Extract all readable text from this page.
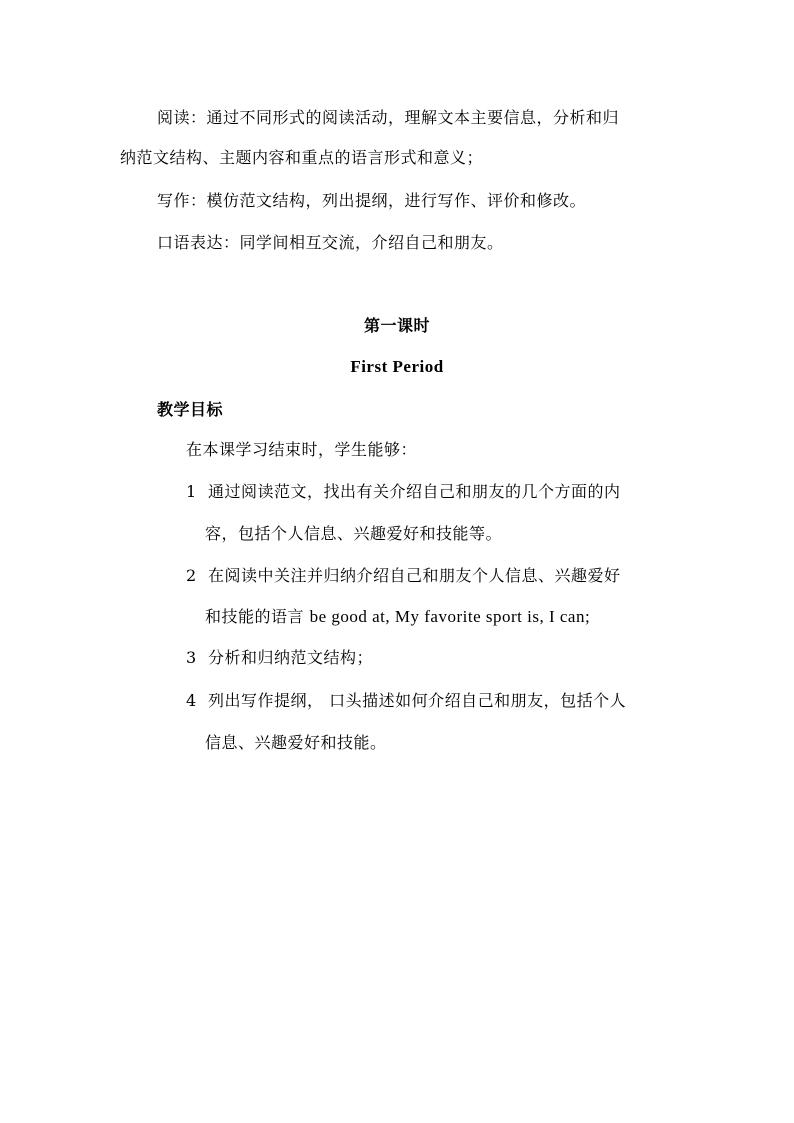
阅读：通过不同形式的阅读活动，理解文本主要信息，分析和归
纳范文结构、主题内容和重点的语言形式和意义；
写作：模仿范文结构，列出提纲，进行写作、评价和修改。
口语表达：同学间相互交流，介绍自己和朋友。
第一课时
First Period
教学目标
在本课学习结束时，学生能够：
1 通过阅读范文，找出有关介绍自己和朋友的几个方面的内
容，包括个人信息、兴趣爱好和技能等。
2 在阅读中关注并归纳介绍自己和朋友个人信息、兴趣爱好
和技能的语言 be good at, My favorite sport is, I can;
3 分析和归纳范文结构；
4 列出写作提纲， 口头描述如何介绍自己和朋友，包括个人
信息、兴趣爱好和技能。
